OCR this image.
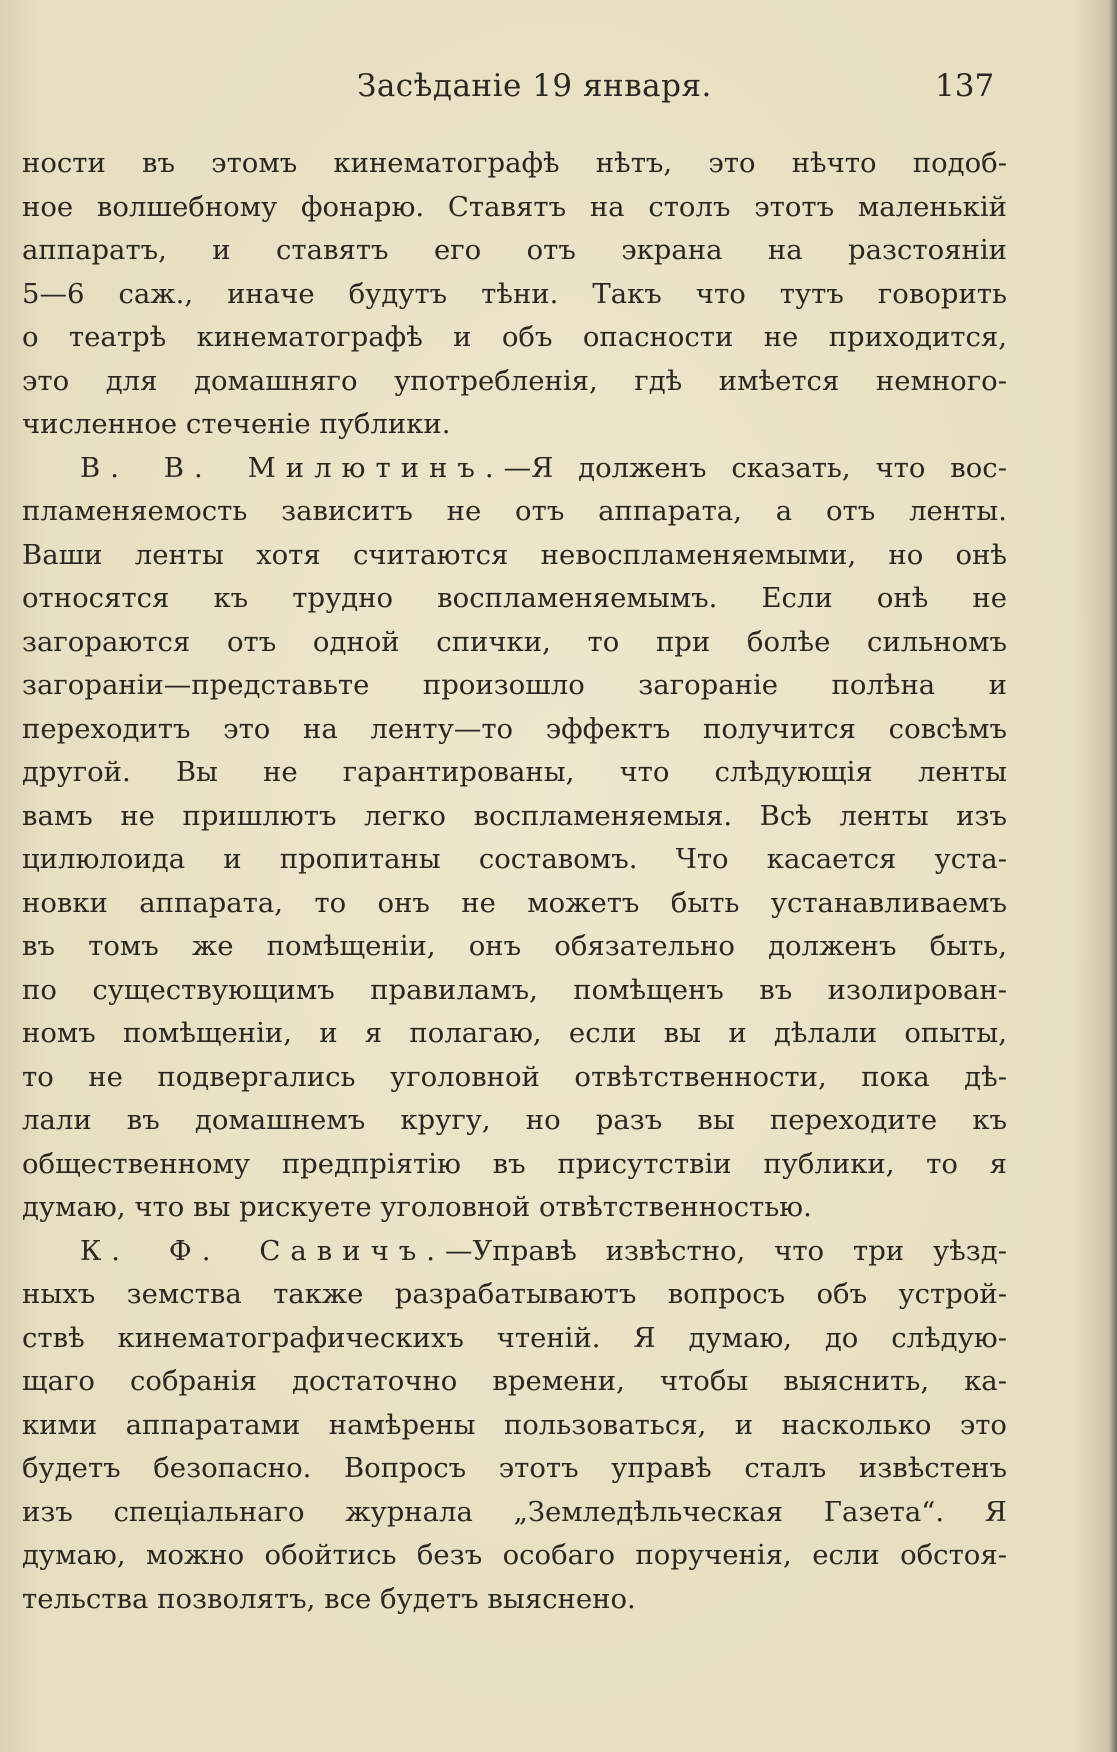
Засѣданіе 19 января.	137
ности въ этомъ кинематографѣ нѣтъ, это нѣчто подоб-
ное волшебному фонарю. Ставятъ на столъ этотъ маленькій
аппаратъ, и ставятъ его отъ экрана на разстояніи
5—6 саж., иначе будутъ тѣни. Такъ что тутъ говорить
о театрѣ кинематографѣ и объ опасности не приходится,
это для домашняго употребленія, гдѣ имѣется немного-
численное стеченіе публики.
В. В. Милютинъ.—Я долженъ сказать, что вос-
пламеняемость зависитъ не отъ аппарата, а отъ ленты.
Ваши ленты хотя считаются невоспламеняемыми, но онѣ
относятся къ трудно воспламеняемымъ. Если онѣ не
загораются отъ одной спички, то при болѣе сильномъ
загораніи—представьте произошло загораніе полѣна и
переходитъ это на ленту—то эффектъ получится совсѣмъ
другой. Вы не гарантированы, что слѣдующія ленты
вамъ не пришлютъ легко воспламеняемыя. Всѣ ленты изъ
цилюлоида и пропитаны составомъ. Что касается уста-
новки аппарата, то онъ не можетъ быть устанавливаемъ
въ томъ же помѣщеніи, онъ обязательно долженъ быть,
по существующимъ правиламъ, помѣщенъ въ изолирован-
номъ помѣщеніи, и я полагаю, если вы и дѣлали опыты,
то не подвергались уголовной отвѣтственности, пока дѣ-
лали въ домашнемъ кругу, но разъ вы переходите къ
общественному предпріятію въ присутствіи публики, то я
думаю, что вы рискуете уголовной отвѣтственностью.
К. Ф. Савичъ.—Управѣ извѣстно, что три уѣзд-
ныхъ земства также разрабатываютъ вопросъ объ устрой-
ствѣ кинематографическихъ чтеній. Я думаю, до слѣдую-
щаго собранія достаточно времени, чтобы выяснить, ка-
кими аппаратами намѣрены пользоваться, и насколько это
будетъ безопасно. Вопросъ этотъ управѣ сталъ извѣстенъ
изъ спеціальнаго журнала „Земледѣльческая Газета“. Я
думаю, можно обойтись безъ особаго порученія, если обстоя-
тельства позволятъ, все будетъ выяснено.
